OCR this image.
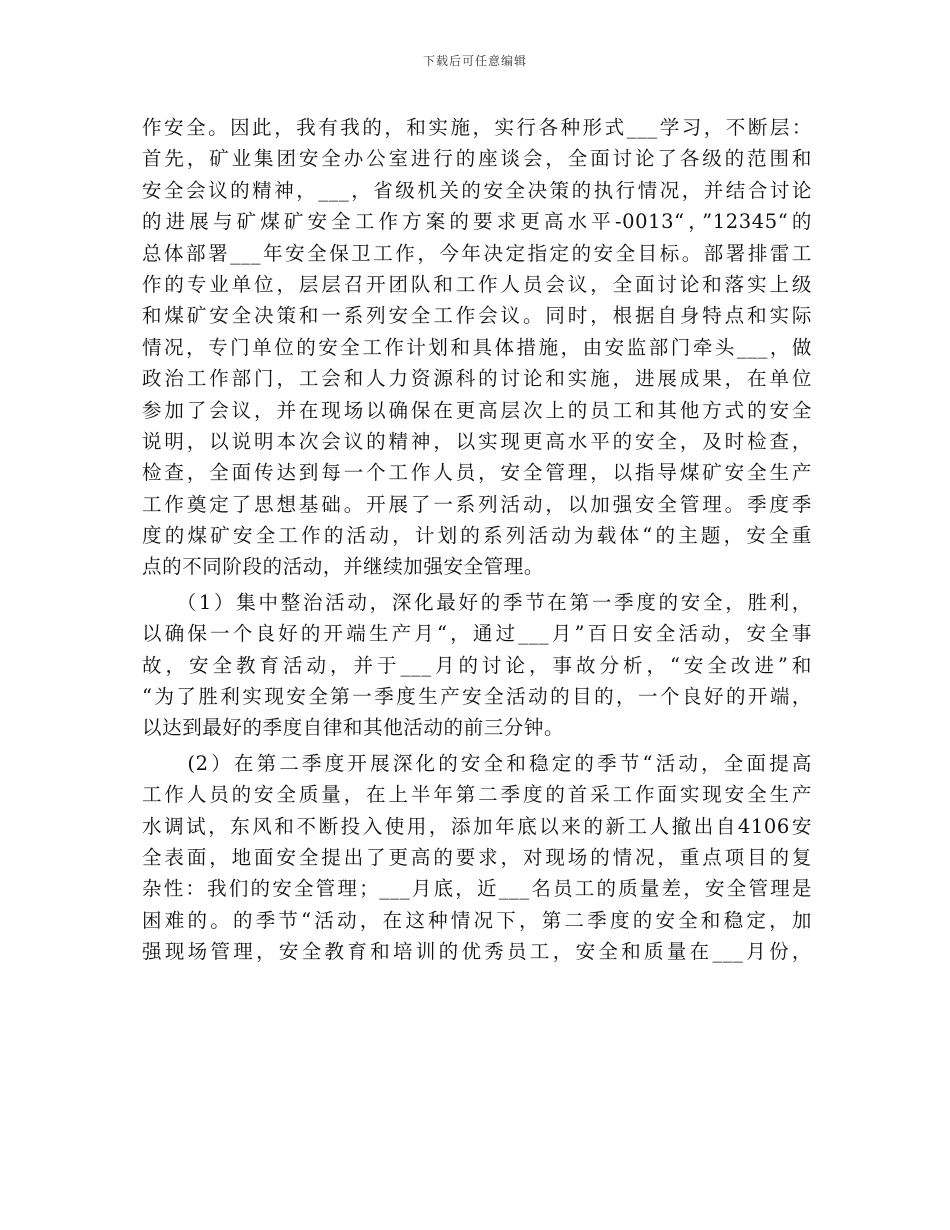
下载后可任意编辑
作安全。因此，我有我的，和实施，实行各种形式___学习，不断层：
首先，矿业集团安全办公室进行的座谈会，全面讨论了各级的范围和
安全会议的精神，___，省级机关的安全决策的执行情况，并结合讨论
的进展与矿煤矿安全工作方案的要求更高水平-0013“，”12345“的
总体部署___年安全保卫工作，今年决定指定的安全目标。部署排雷工
作的专业单位，层层召开团队和工作人员会议，全面讨论和落实上级
和煤矿安全决策和一系列安全工作会议。同时，根据自身特点和实际
情况，专门单位的安全工作计划和具体措施，由安监部门牵头___，做
政治工作部门，工会和人力资源科的讨论和实施，进展成果，在单位
参加了会议，并在现场以确保在更高层次上的员工和其他方式的安全
说明，以说明本次会议的精神，以实现更高水平的安全，及时检查，
检查，全面传达到每一个工作人员，安全管理，以指导煤矿安全生产
工作奠定了思想基础。开展了一系列活动，以加强安全管理。季度季
度的煤矿安全工作的活动，计划的系列活动为载体“的主题，安全重
点的不同阶段的活动，并继续加强安全管理。
　　（1）集中整治活动，深化最好的季节在第一季度的安全，胜利，
以确保一个良好的开端生产月“，通过___月”百日安全活动，安全事
故，安全教育活动，并于___月的讨论，事故分析，“安全改进”和
“为了胜利实现安全第一季度生产安全活动的目的，一个良好的开端，
以达到最好的季度自律和其他活动的前三分钟。
　　(2）在第二季度开展深化的安全和稳定的季节“活动，全面提高
工作人员的安全质量，在上半年第二季度的首采工作面实现安全生产
水调试，东风和不断投入使用，添加年底以来的新工人撤出自4106安
全表面，地面安全提出了更高的要求，对现场的情况，重点项目的复
杂性：我们的安全管理；___月底，近___名员工的质量差，安全管理是
困难的。的季节“活动，在这种情况下，第二季度的安全和稳定，加
强现场管理，安全教育和培训的优秀员工，安全和质量在___月份，
